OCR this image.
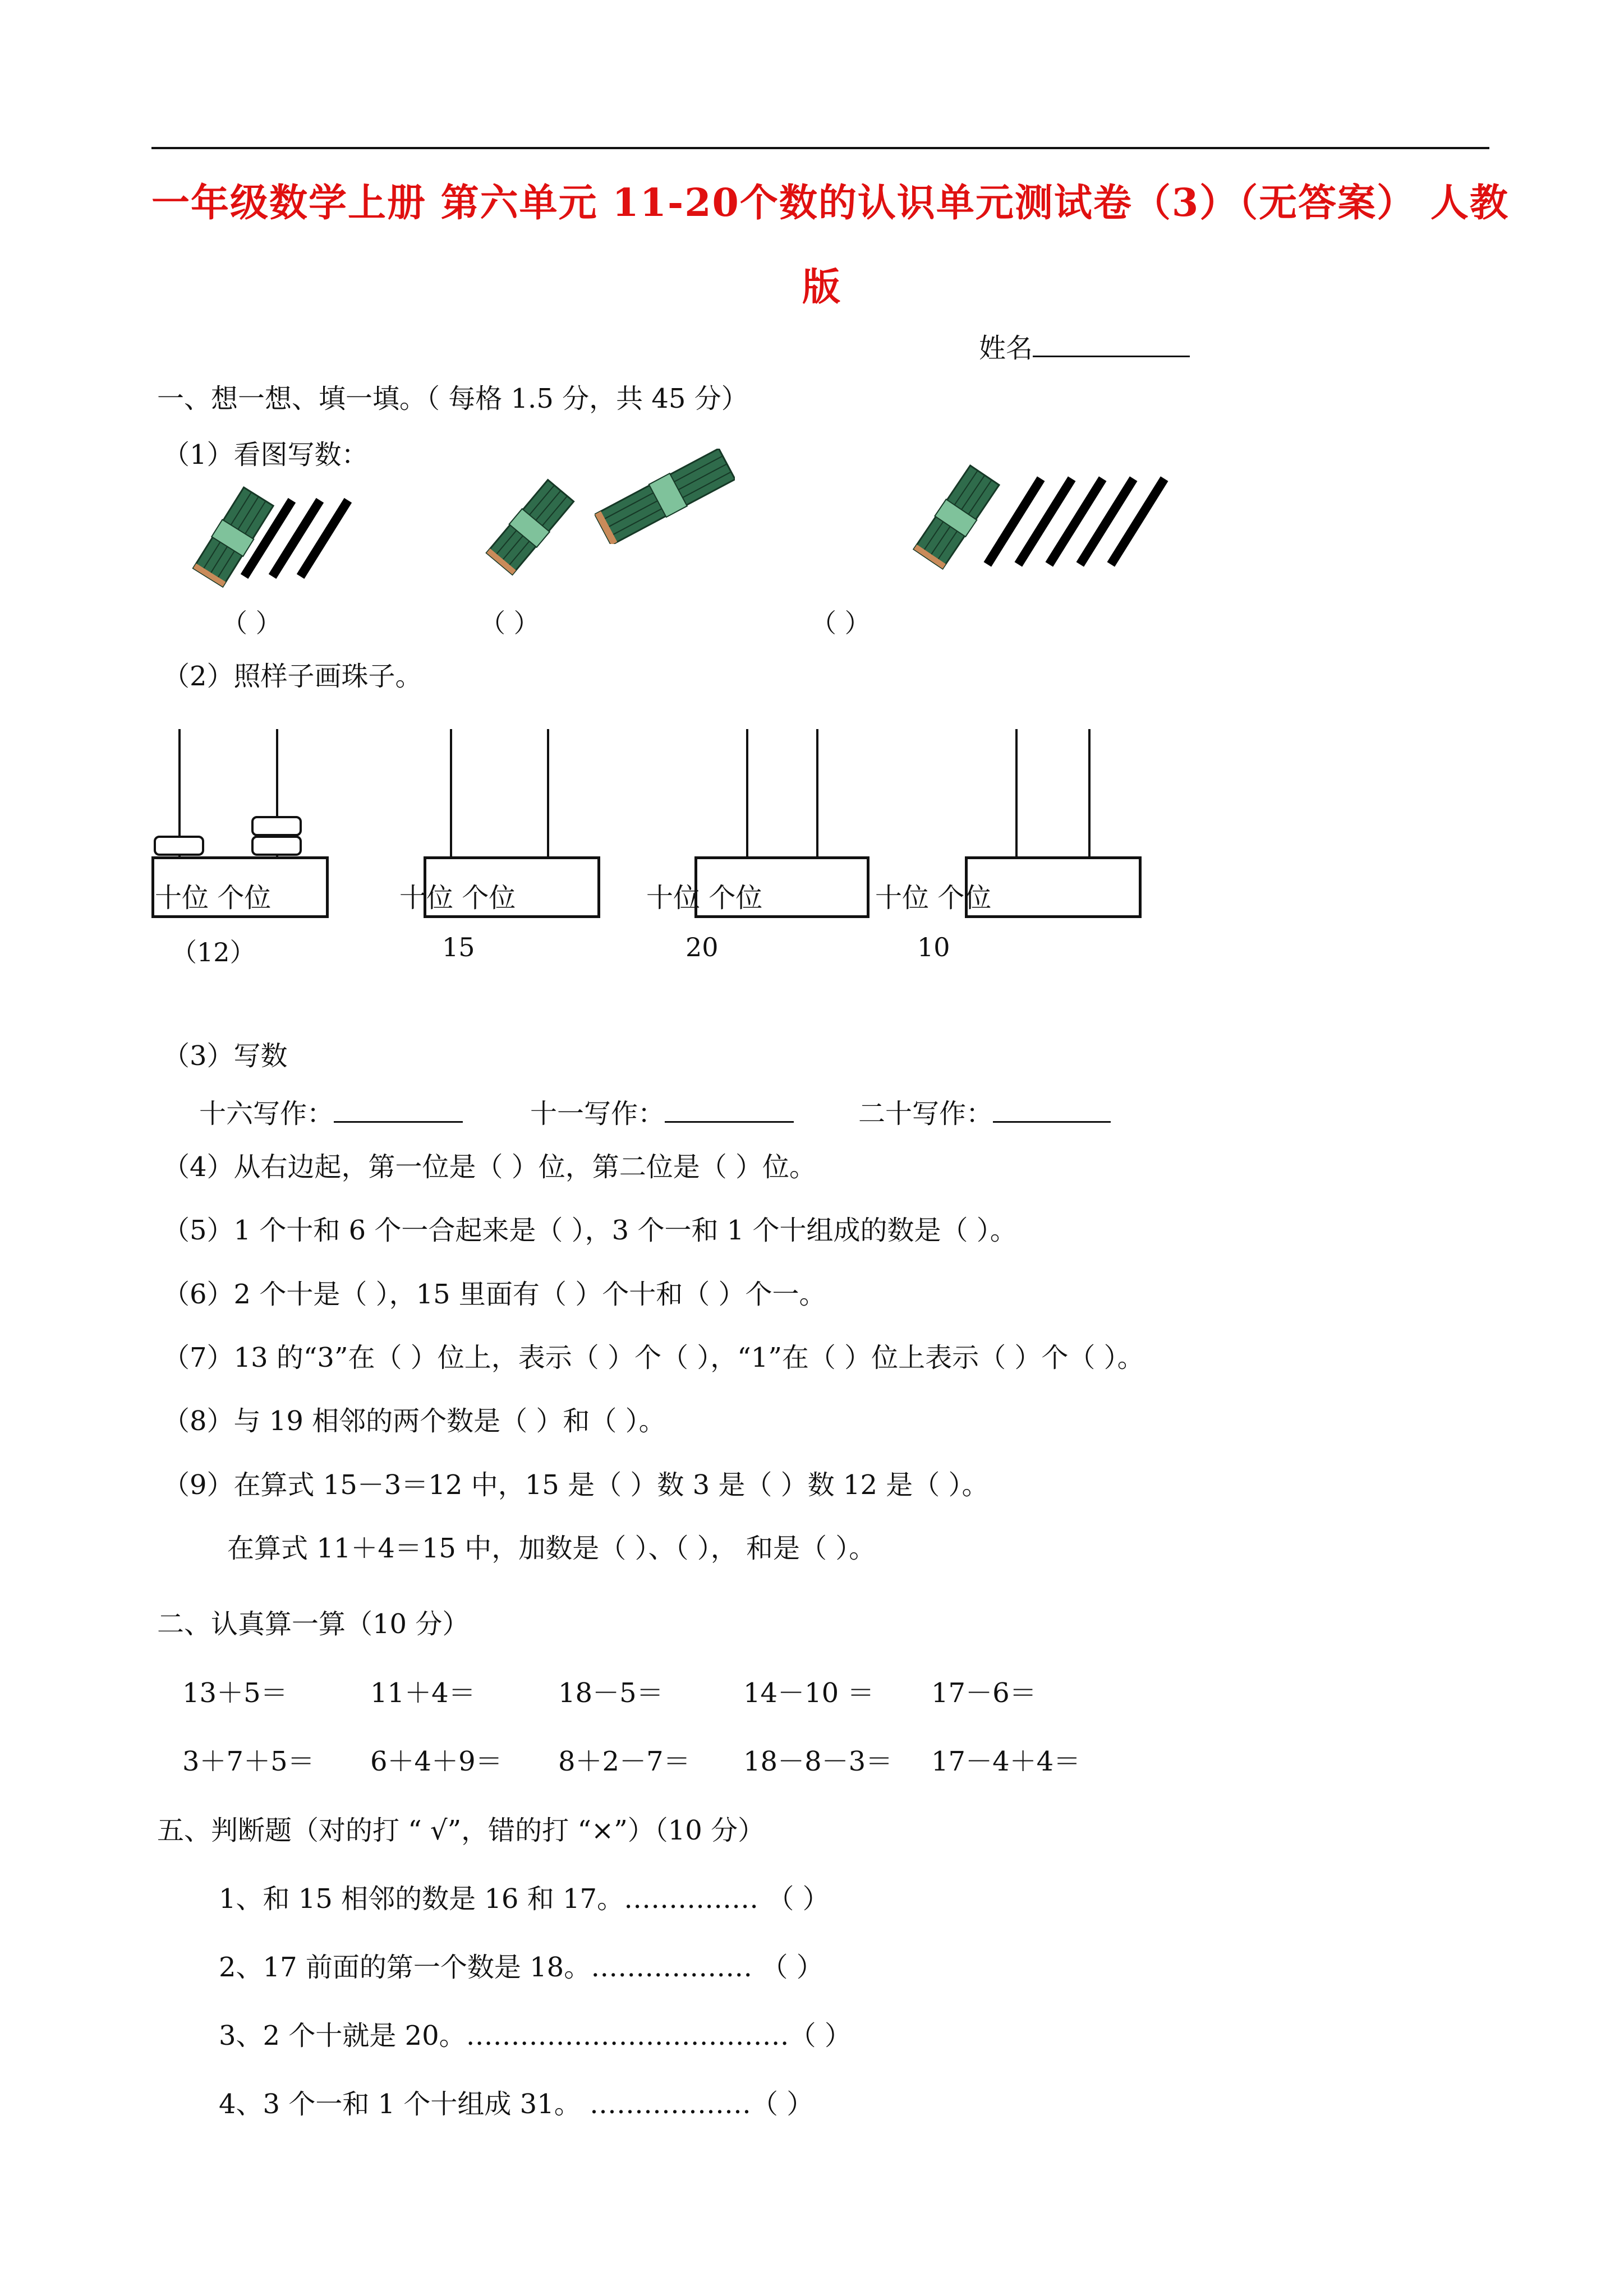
一年级数学上册 第六单元 11-20个数的认识单元测试卷（3）（无答案） 人教
版
姓名
一、想一想、填一填。（ 每格 1.5 分，共 45 分）
（1）看图写数：
（ ）	（ ）	（ ）
（2）照样子画珠子。
十位 个位
（12）
十位 个位
15
十位 个位
20
十位 个位
10
（3）写数
十六写作：	十一写作：	二十写作：
（4）从右边起，第一位是（ ）位，第二位是（ ）位。
（5）1 个十和 6 个一合起来是（ ），3 个一和 1 个十组成的数是（ ）。
（6）2 个十是（ ），15 里面有（ ）个十和（ ）个一。
（7）13 的“3”在（ ）位上，表示（ ）个（ ），“1”在（ ）位上表示（ ）个（ ）。
（8）与 19 相邻的两个数是（ ）和（ ）。
（9）在算式 15－3＝12 中，15 是（ ）数 3 是（ ）数 12 是（ ）。
在算式 11＋4＝15 中，加数是（ ）、（ ）， 和是（ ）。
二、认真算一算（10 分）
13＋5＝	11＋4＝	18－5＝	14－10 ＝ 17－6＝
3＋7＋5＝ 6＋4＋9＝ 8＋2－7＝ 18－8－3＝ 17－4＋4＝
五、判断题（对的打 “ √”，错的打 “×”）（10 分）
1、和 15 相邻的数是 16 和 17。…………… （ ）
2、17 前面的第一个数是 18。……………… （ ）
3、2 个十就是 20。………………………………（ ）
4、3 个一和 1 个十组成 31。 ………………（ ）
